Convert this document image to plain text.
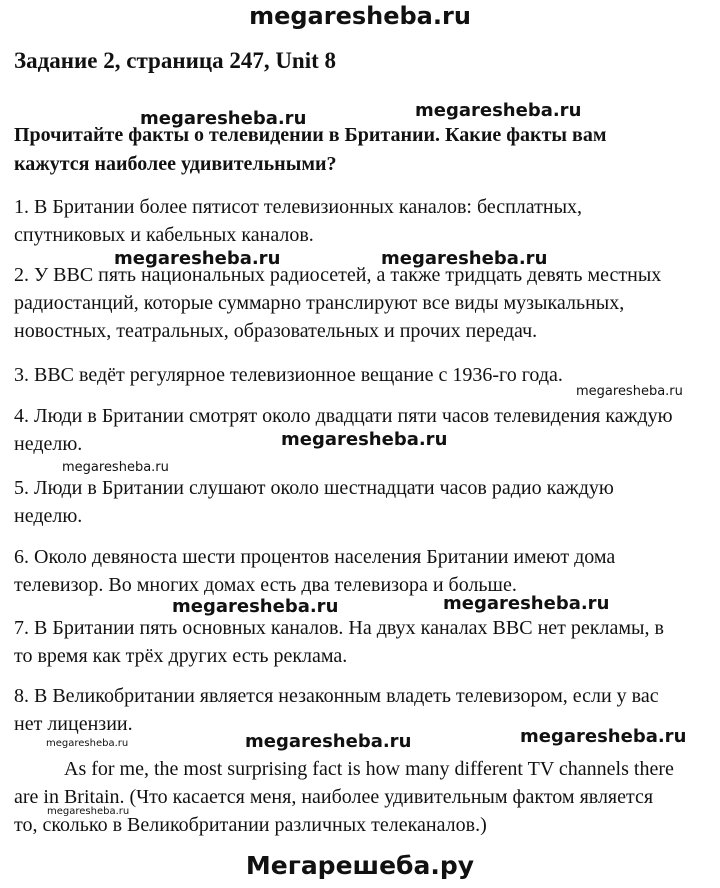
megaresheba.ru
Задание 2, страница 247, Unit 8
megaresheba.ru	megaresheba.ru
megaresheba.ru	megaresheba.ru
megaresheba.ru
megaresheba.ru
megaresheba.ru
megaresheba.ru	megaresheba.ru
megaresheba.ru	megaresheba.ru	megaresheba.ru
megaresheba.ru
Прочитайте факты о телевидении в Британии. Какие факты вам
кажутся наиболее удивительными?
1. В Британии более пятисот телевизионных каналов: бесплатных,
спутниковых и кабельных каналов.
2. У BBC пять национальных радиосетей, а также тридцать девять местных
радиостанций, которые суммарно транслируют все виды музыкальных,
новостных, театральных, образовательных и прочих передач.
3. BBC ведёт регулярное телевизионное вещание с 1936-го года.
4. Люди в Британии смотрят около двадцати пяти часов телевидения каждую
неделю.
5. Люди в Британии слушают около шестнадцати часов радио каждую
неделю.
6. Около девяноста шести процентов населения Британии имеют дома
телевизор. Во многих домах есть два телевизора и больше.
7. В Британии пять основных каналов. На двух каналах BBC нет рекламы, в
то время как трёх других есть реклама.
8. В Великобритании является незаконным владеть телевизором, если у вас
нет лицензии.
As for me, the most surprising fact is how many different TV channels there
are in Britain. (Что касается меня, наиболее удивительным фактом является
то, сколько в Великобритании различных телеканалов.)
Мегарешеба.ру
